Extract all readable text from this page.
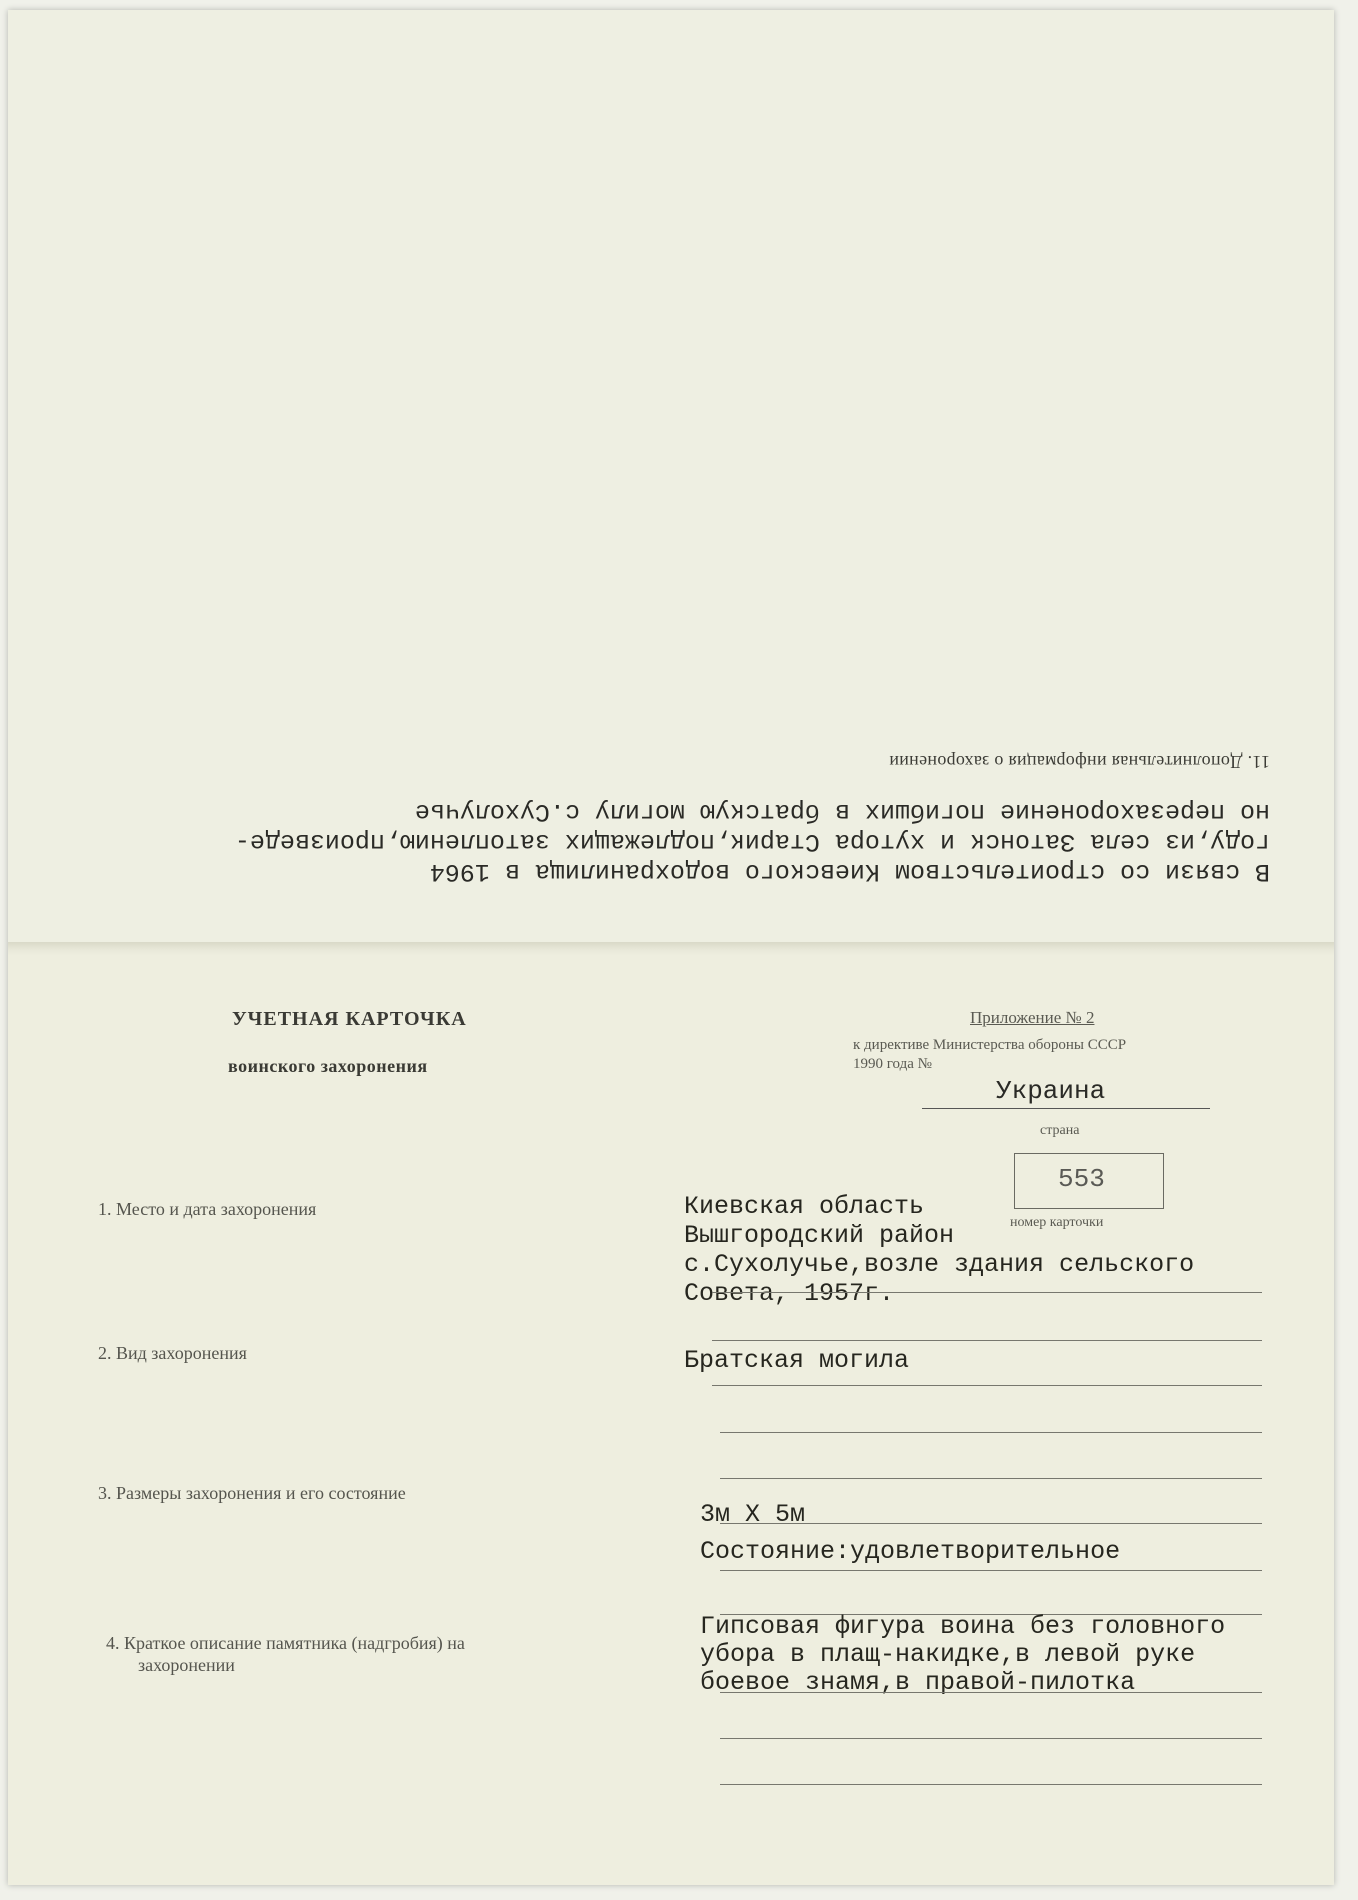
В связи со строительством Киевского водохранилища в 1964
году,из села Затонск и хутора Старик,подлежащих затоплению,произведе-
но перезахоронение погибших в братскую могилу с.Сухолучье
11. Дополнительная информация о захоронении
УЧЕТНАЯ КАРТОЧКА
воинского захоронения
Приложение № 2
к директиве Министерства обороны СССР
1990 года №
Украина
страна
553
номер карточки
1. Место и дата захоронения	Киевская область
Вышгородский район
с.Сухолучье,возле здания сельского
Совета, 1957г.
2. Вид захоронения	Братская могила
3. Размеры захоронения и его состояние
3м Х 5м
Состояние:удовлетворительное
4. Краткое описание памятника (надгробия) на
захоронении
Гипсовая фигура воина без головного
убора в плащ-накидке,в левой руке
боевое знамя,в правой-пилотка
